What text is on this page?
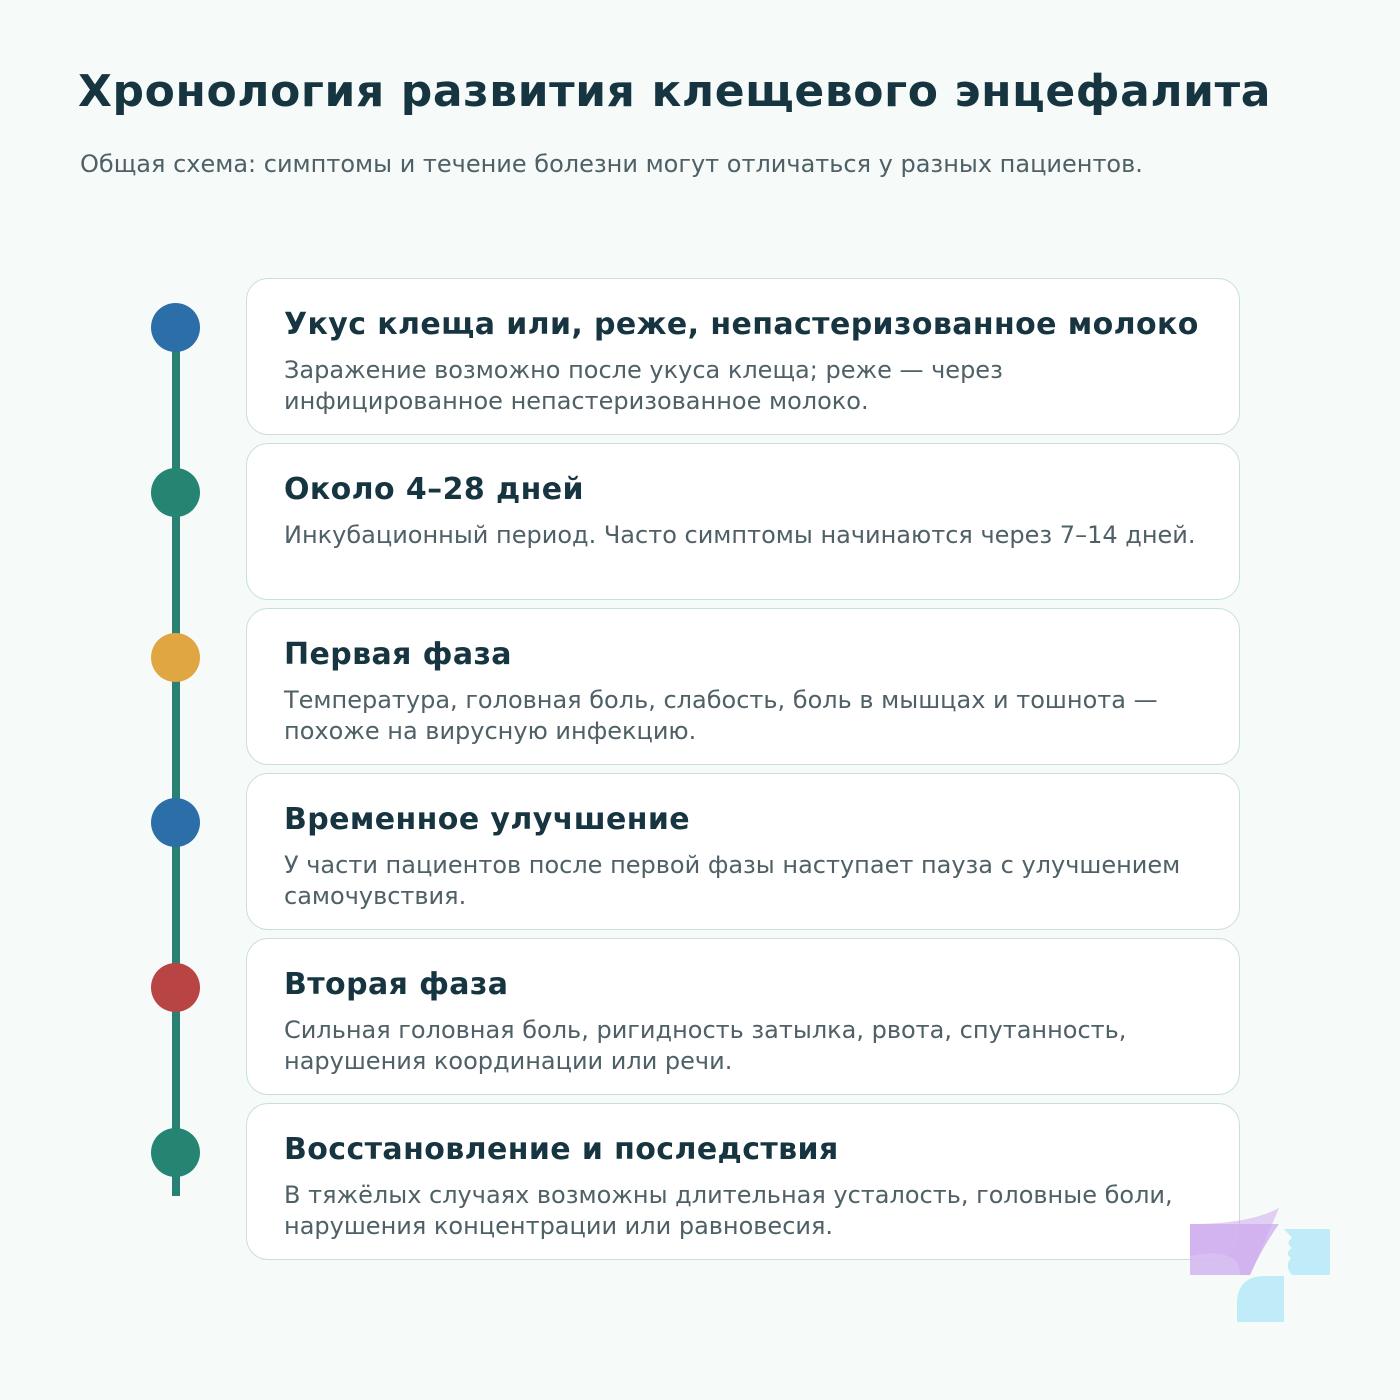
Хронология развития клещевого энцефалита

Общая схема: симптомы и течение болезни могут отличаться у разных пациентов.

Укус клеща или, реже, непастеризованное молоко

Заражение возможно после укуса клеща; реже — через инфицированное непастеризованное молоко.

Около 4–28 дней

Инкубационный период. Часто симптомы начинаются через 7–14 дней.

Первая фаза

Температура, головная боль, слабость, боль в мышцах и тошнота — похоже на вирусную инфекцию.

Временное улучшение

У части пациентов после первой фазы наступает пауза с улучшением самочувствия.

Вторая фаза

Сильная головная боль, ригидность затылка, рвота, спутанность, нарушения координации или речи.

Восстановление и последствия

В тяжёлых случаях возможны длительная усталость, головные боли, нарушения концентрации или равновесия.
